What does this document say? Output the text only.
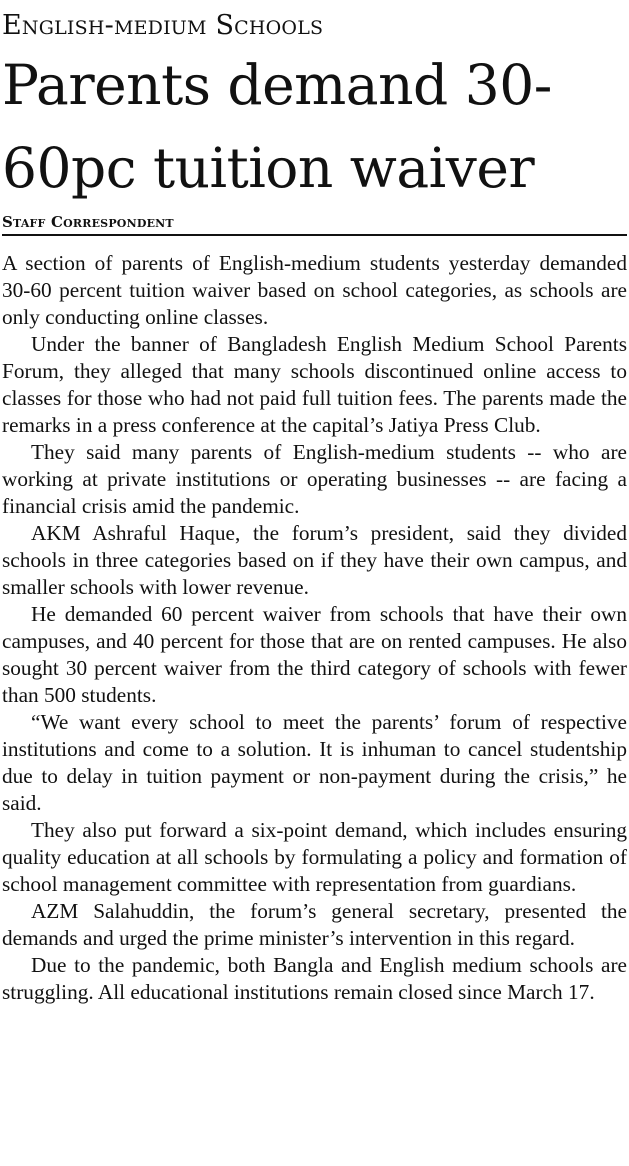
English-medium Schools
Parents demand 30-60pc tuition waiver
Staff Correspondent

A section of parents of English-medium students yesterday demanded 30-60 percent tuition waiver based on school categories, as schools are only conducting online classes.

Under the banner of Bangladesh English Medium School Parents Forum, they alleged that many schools discontinued online access to classes for those who had not paid full tuition fees. The parents made the remarks in a press conference at the capital’s Jatiya Press Club.

They said many parents of English-medium students -- who are working at private institutions or operating businesses -- are facing a financial crisis amid the pandemic.

AKM Ashraful Haque, the forum’s president, said they divided schools in three categories based on if they have their own campus, and smaller schools with lower revenue.

He demanded 60 percent waiver from schools that have their own campuses, and 40 percent for those that are on rented campuses. He also sought 30 percent waiver from the third category of schools with fewer than 500 students.

“We want every school to meet the parents’ forum of respective institutions and come to a solution. It is inhuman to cancel studentship due to delay in tuition payment or non-payment during the crisis,” he said.

They also put forward a six-point demand, which includes ensuring quality education at all schools by formulating a policy and formation of school management committee with representation from guardians.

AZM Salahuddin, the forum’s general secretary, presented the demands and urged the prime minister’s intervention in this regard.

Due to the pandemic, both Bangla and English medium schools are struggling. All educational institutions remain closed since March 17.
